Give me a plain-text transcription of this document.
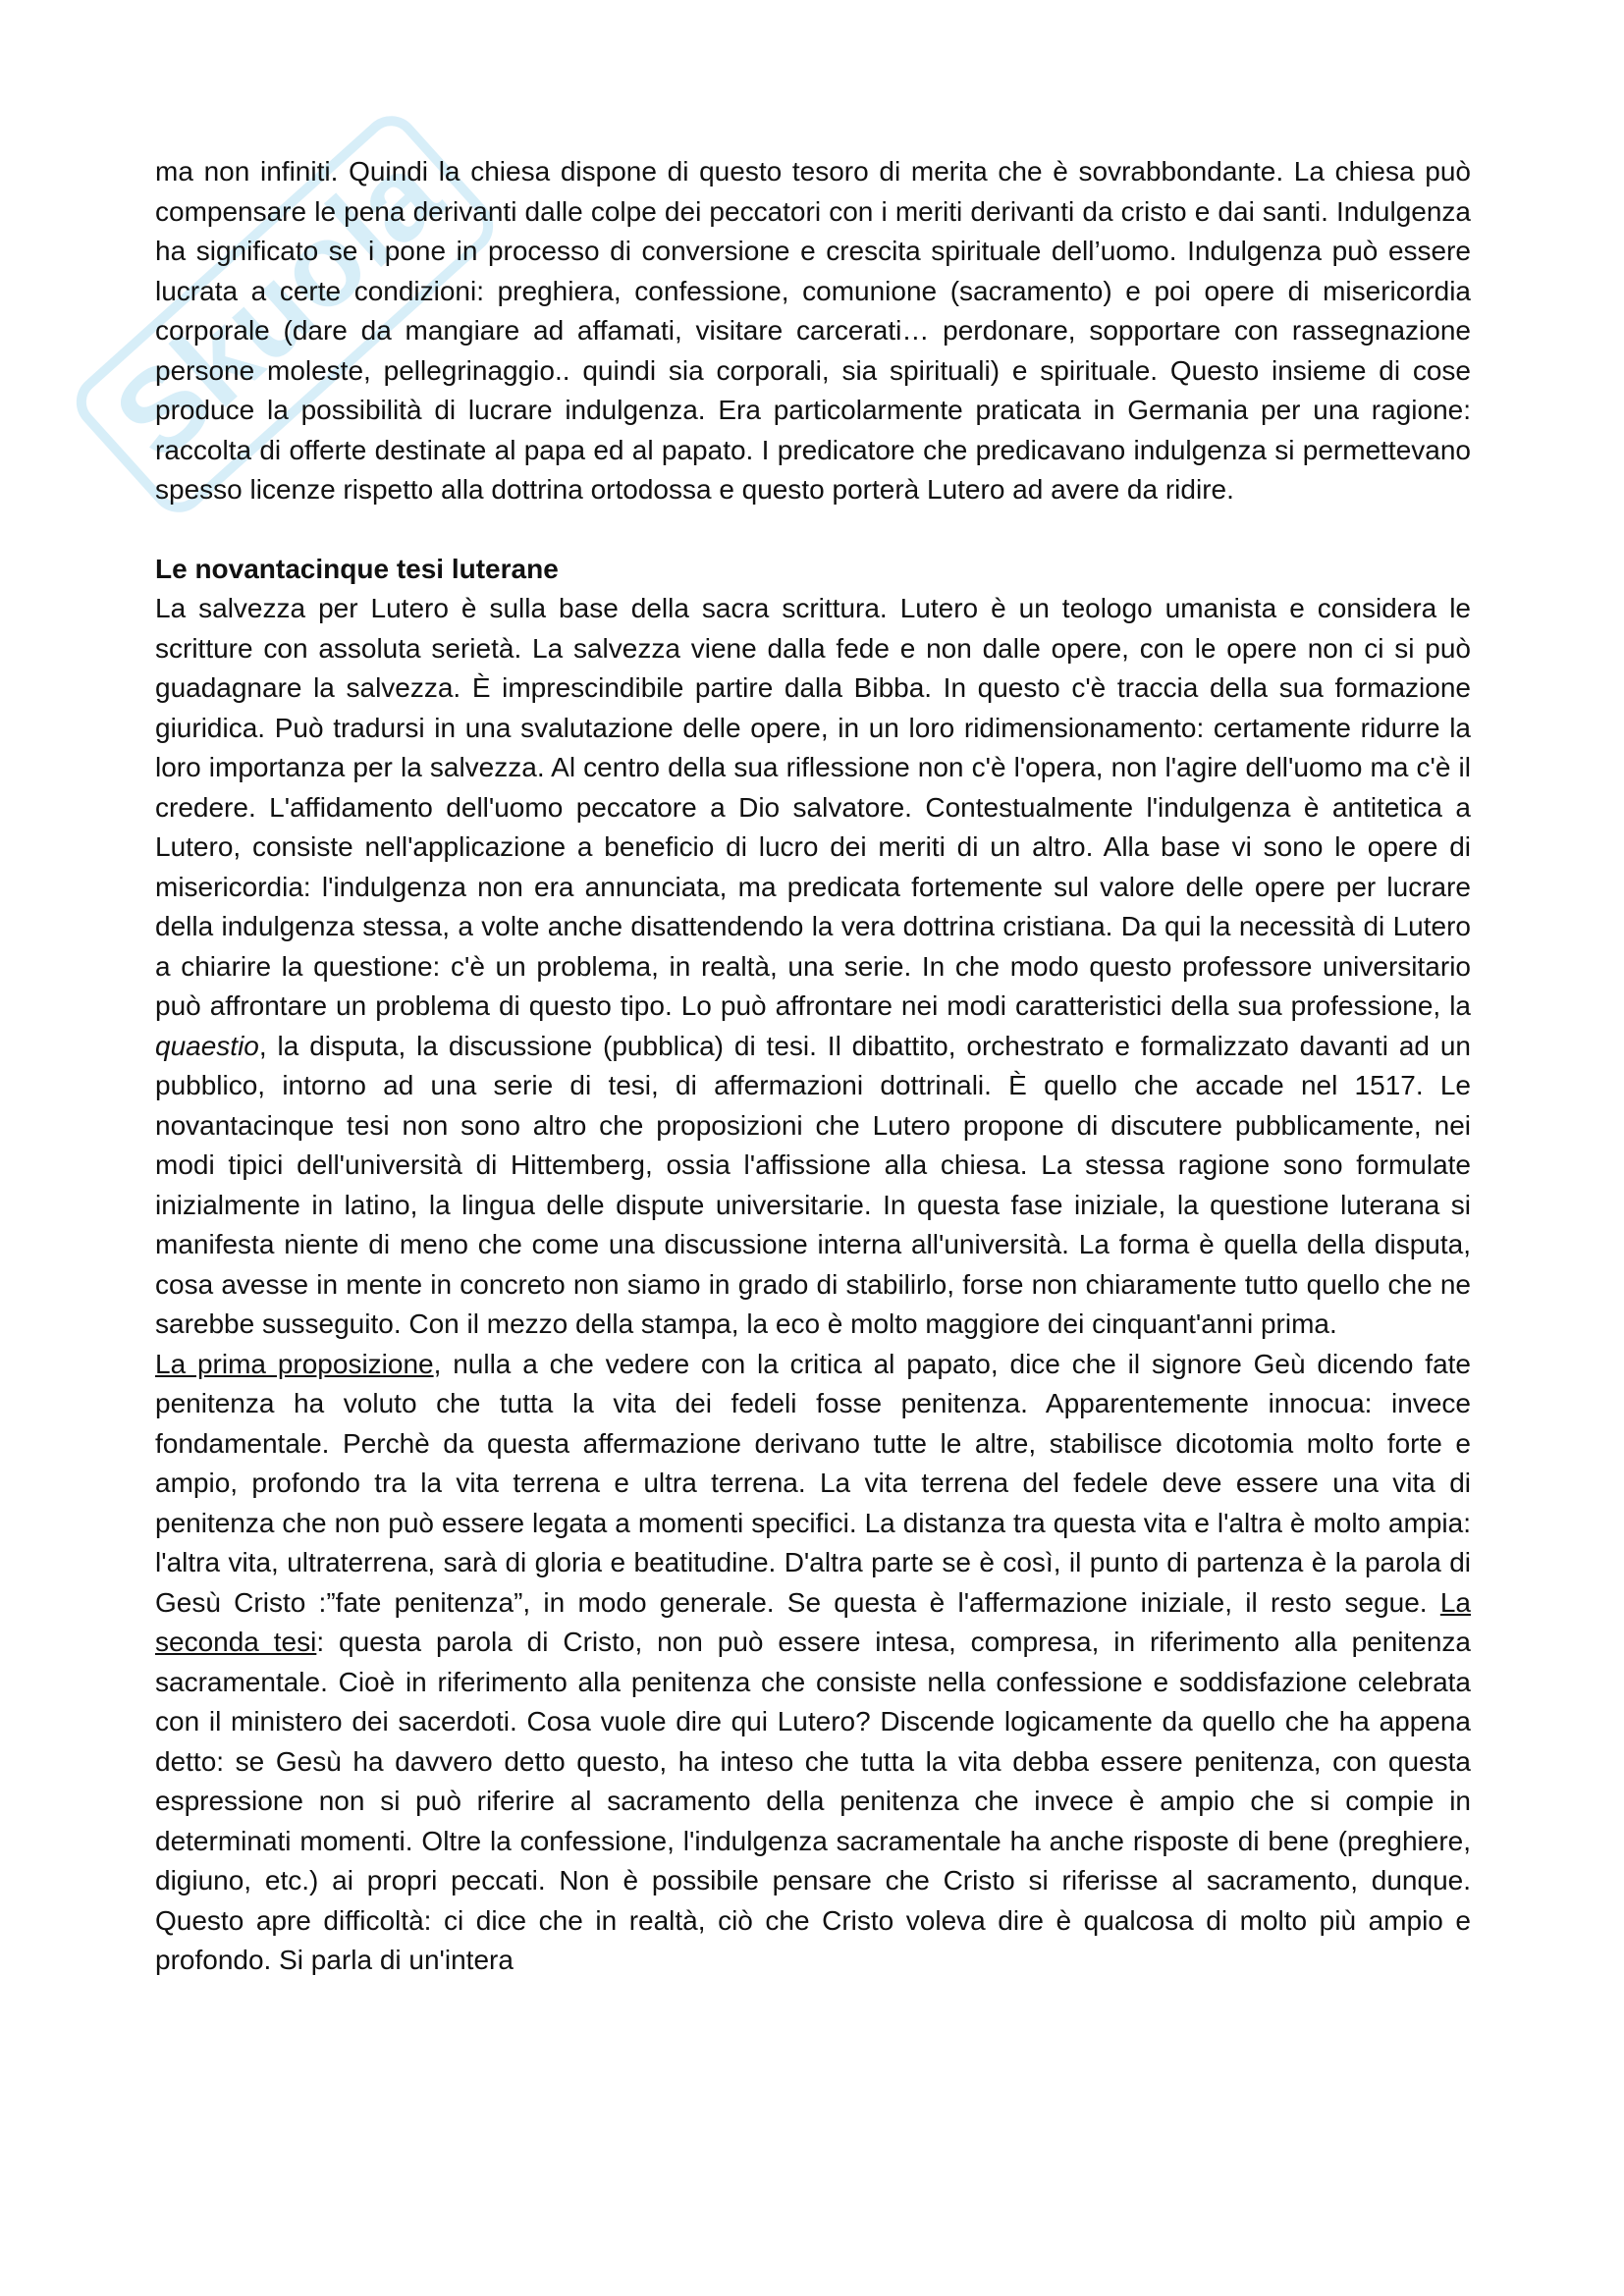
Skuola

ma non infiniti. Quindi la chiesa dispone di questo tesoro di merita che è sovrabbondante. La chiesa può compensare le pena derivanti dalle colpe dei peccatori con i meriti derivanti da cristo e dai santi. Indulgenza ha significato se i pone in processo di conversione e crescita spirituale dell’uomo. Indulgenza può essere lucrata a certe condizioni: preghiera, confessione, comunione (sacramento) e poi opere di misericordia corporale (dare da mangiare ad affamati, visitare carcerati… perdonare, sopportare con rassegnazione persone moleste, pellegrinaggio.. quindi sia corporali, sia spirituali) e spirituale. Questo insieme di cose produce la possibilità di lucrare indulgenza. Era particolarmente praticata in Germania per una ragione: raccolta di offerte destinate al papa ed al papato. I predicatore che predicavano indulgenza si permettevano spesso licenze rispetto alla dottrina ortodossa e questo porterà Lutero ad avere da ridire.

Le novantacinque tesi luterane

La salvezza per Lutero è sulla base della sacra scrittura. Lutero è un teologo umanista e considera le scritture con assoluta serietà. La salvezza viene dalla fede e non dalle opere, con le opere non ci si può guadagnare la salvezza. È imprescindibile partire dalla Bibba. In questo c'è traccia della sua formazione giuridica. Può tradursi in una svalutazione delle opere, in un loro ridimensionamento: certamente ridurre la loro importanza per la salvezza. Al centro della sua riflessione non c'è l'opera, non l'agire dell'uomo ma c'è il credere. L'affidamento dell'uomo peccatore a Dio salvatore. Contestualmente l'indulgenza è antitetica a Lutero, consiste nell'applicazione a beneficio di lucro dei meriti di un altro. Alla base vi sono le opere di misericordia: l'indulgenza non era annunciata, ma predicata fortemente sul valore delle opere per lucrare della indulgenza stessa, a volte anche disattendendo la vera dottrina cristiana. Da qui la necessità di Lutero a chiarire la questione: c'è un problema, in realtà, una serie. In che modo questo professore universitario può affrontare un problema di questo tipo. Lo può affrontare nei modi caratteristici della sua professione, la quaestio, la disputa, la discussione (pubblica) di tesi. Il dibattito, orchestrato e formalizzato davanti ad un pubblico, intorno ad una serie di tesi, di affermazioni dottrinali. È quello che accade nel 1517. Le novantacinque tesi non sono altro che proposizioni che Lutero propone di discutere pubblicamente, nei modi tipici dell'università di Hittemberg, ossia l'affissione alla chiesa. La stessa ragione sono formulate inizialmente in latino, la lingua delle dispute universitarie. In questa fase iniziale, la questione luterana si manifesta niente di meno che come una discussione interna all'università. La forma è quella della disputa, cosa avesse in mente in concreto non siamo in grado di stabilirlo, forse non chiaramente tutto quello che ne sarebbe susseguito. Con il mezzo della stampa, la eco è molto maggiore dei cinquant'anni prima.

La prima proposizione, nulla a che vedere con la critica al papato, dice che il signore Geù dicendo fate penitenza ha voluto che tutta la vita dei fedeli fosse penitenza. Apparentemente innocua: invece fondamentale. Perchè da questa affermazione derivano tutte le altre, stabilisce dicotomia molto forte e ampio, profondo tra la vita terrena e ultra terrena. La vita terrena del fedele deve essere una vita di penitenza che non può essere legata a momenti specifici. La distanza tra questa vita e l'altra è molto ampia: l'altra vita, ultraterrena, sarà di gloria e beatitudine. D'altra parte se è così, il punto di partenza è la parola di Gesù Cristo :”fate penitenza”, in modo generale. Se questa è l'affermazione iniziale, il resto segue. La seconda tesi: questa parola di Cristo, non può essere intesa, compresa, in riferimento alla penitenza sacramentale. Cioè in riferimento alla penitenza che consiste nella confessione e soddisfazione celebrata con il ministero dei sacerdoti. Cosa vuole dire qui Lutero? Discende logicamente da quello che ha appena detto: se Gesù ha davvero detto questo, ha inteso che tutta la vita debba essere penitenza, con questa espressione non si può riferire al sacramento della penitenza che invece è ampio che si compie in determinati momenti. Oltre la confessione, l'indulgenza sacramentale ha anche risposte di bene (preghiere, digiuno, etc.) ai propri peccati. Non è possibile pensare che Cristo si riferisse al sacramento, dunque. Questo apre difficoltà: ci dice che in realtà, ciò che Cristo voleva dire è qualcosa di molto più ampio e profondo. Si parla di un'intera
